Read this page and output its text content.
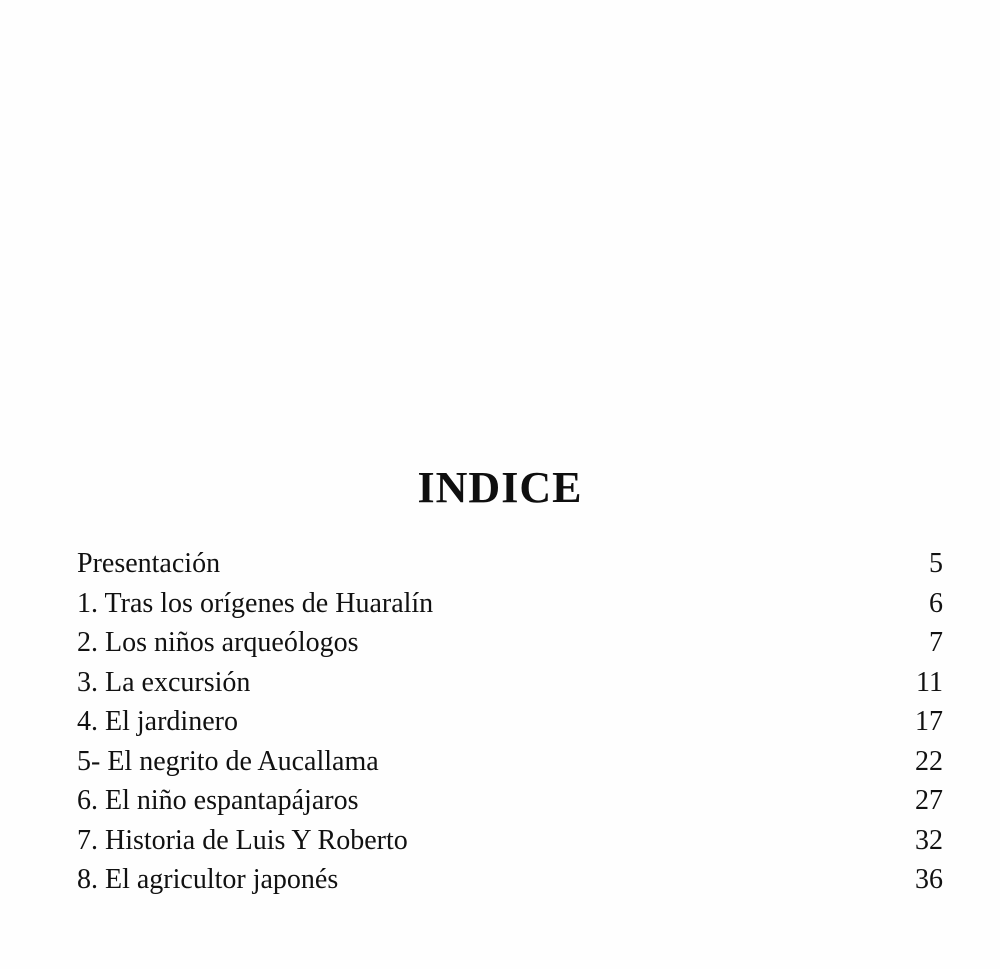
INDICE
Presentación	5
1. Tras los orígenes de Huaralín	6
2. Los niños arqueólogos	7
3. La excursión	11
4. El jardinero	17
5- El negrito de Aucallama	22
6. El niño espantapájaros	27
7. Historia de Luis Y Roberto	32
8. El agricultor japonés	36
